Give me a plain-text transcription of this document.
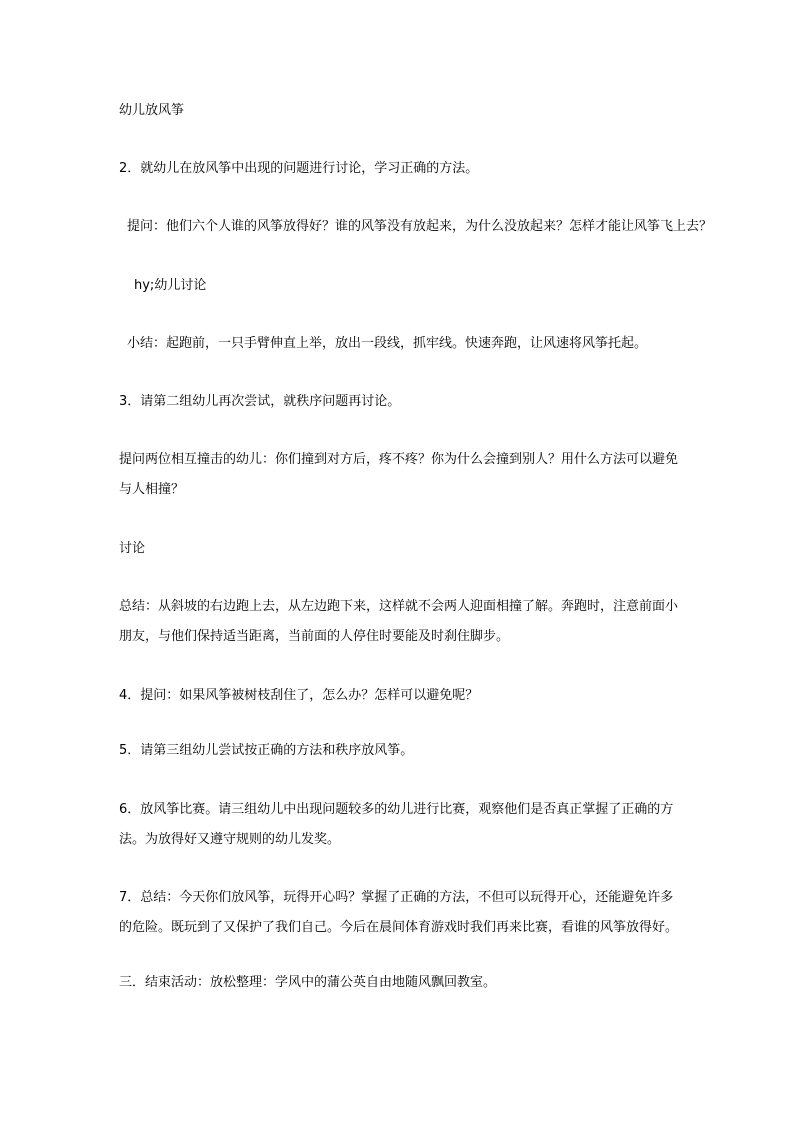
幼儿放风筝
2．就幼儿在放风筝中出现的问题进行讨论，学习正确的方法。
提问：他们六个人谁的风筝放得好？谁的风筝没有放起来，为什么没放起来？怎样才能让风筝飞上去？
hy;幼儿讨论
小结：起跑前，一只手臂伸直上举，放出一段线，抓牢线。快速奔跑，让风速将风筝托起。
3．请第二组幼儿再次尝试，就秩序问题再讨论。
提问两位相互撞击的幼儿：你们撞到对方后，疼不疼？你为什么会撞到别人？用什么方法可以避免与人相撞？
讨论
总结：从斜坡的右边跑上去，从左边跑下来，这样就不会两人迎面相撞了解。奔跑时，注意前面小朋友，与他们保持适当距离，当前面的人停住时要能及时刹住脚步。
4．提问：如果风筝被树枝刮住了，怎么办？怎样可以避免呢？
5．请第三组幼儿尝试按正确的方法和秩序放风筝。
6．放风筝比赛。请三组幼儿中出现问题较多的幼儿进行比赛，观察他们是否真正掌握了正确的方法。为放得好又遵守规则的幼儿发奖。
7．总结：今天你们放风筝，玩得开心吗？掌握了正确的方法，不但可以玩得开心，还能避免许多的危险。既玩到了又保护了我们自己。今后在晨间体育游戏时我们再来比赛，看谁的风筝放得好。
三．结束活动：放松整理：学风中的蒲公英自由地随风飘回教室。
